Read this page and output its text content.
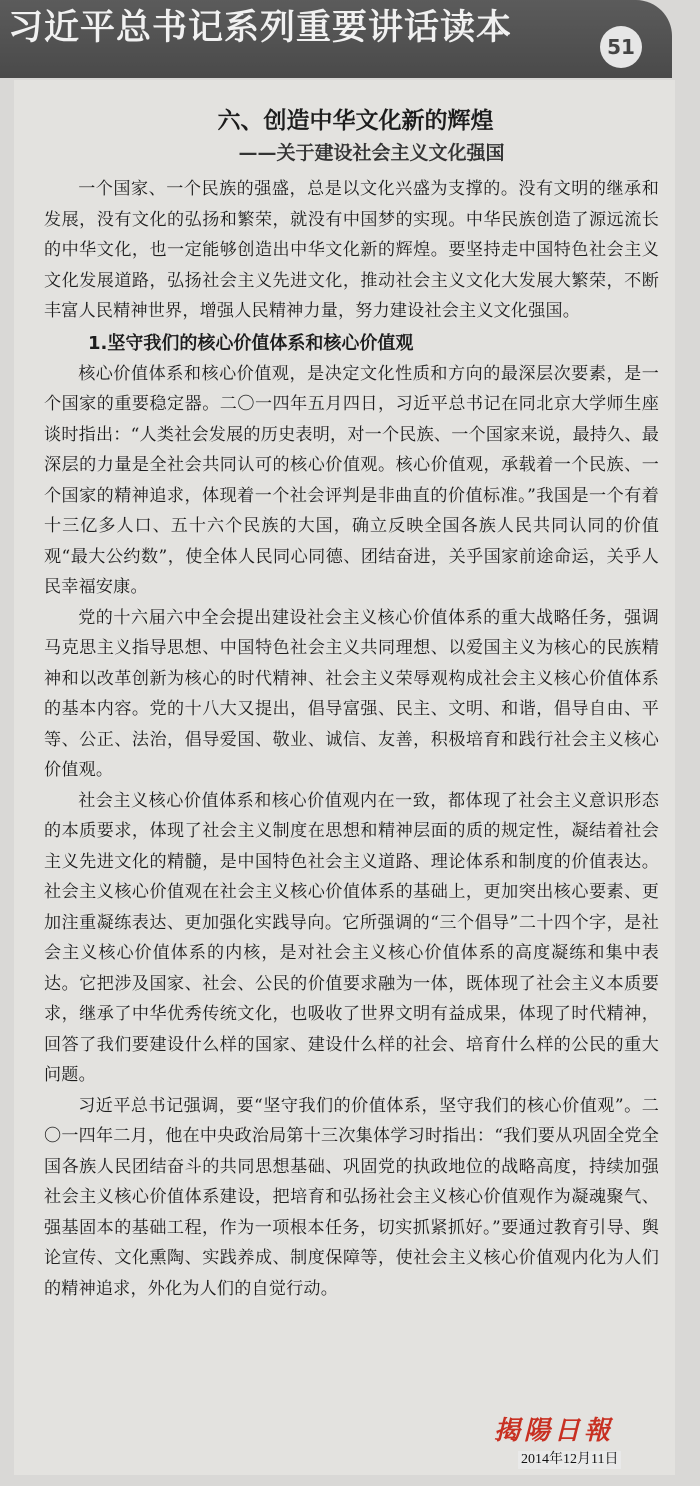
习近平总书记系列重要讲话读本	51
六、创造中华文化新的辉煌
——关于建设社会主义文化强国

一个国家、一个民族的强盛，总是以文化兴盛为支撑的。没有文明的继承和发展，没有文化的弘扬和繁荣，就没有中国梦的实现。中华民族创造了源远流长的中华文化，也一定能够创造出中华文化新的辉煌。要坚持走中国特色社会主义文化发展道路，弘扬社会主义先进文化，推动社会主义文化大发展大繁荣，不断丰富人民精神世界，增强人民精神力量，努力建设社会主义文化强国。

1.坚守我们的核心价值体系和核心价值观

核心价值体系和核心价值观，是决定文化性质和方向的最深层次要素，是一个国家的重要稳定器。二〇一四年五月四日，习近平总书记在同北京大学师生座谈时指出：“人类社会发展的历史表明，对一个民族、一个国家来说，最持久、最深层的力量是全社会共同认可的核心价值观。核心价值观，承载着一个民族、一个国家的精神追求，体现着一个社会评判是非曲直的价值标准。”我国是一个有着十三亿多人口、五十六个民族的大国，确立反映全国各族人民共同认同的价值观“最大公约数”，使全体人民同心同德、团结奋进，关乎国家前途命运，关乎人民幸福安康。

党的十六届六中全会提出建设社会主义核心价值体系的重大战略任务，强调马克思主义指导思想、中国特色社会主义共同理想、以爱国主义为核心的民族精神和以改革创新为核心的时代精神、社会主义荣辱观构成社会主义核心价值体系的基本内容。党的十八大又提出，倡导富强、民主、文明、和谐，倡导自由、平等、公正、法治，倡导爱国、敬业、诚信、友善，积极培育和践行社会主义核心价值观。

社会主义核心价值体系和核心价值观内在一致，都体现了社会主义意识形态的本质要求，体现了社会主义制度在思想和精神层面的质的规定性，凝结着社会主义先进文化的精髓，是中国特色社会主义道路、理论体系和制度的价值表达。社会主义核心价值观在社会主义核心价值体系的基础上，更加突出核心要素、更加注重凝练表达、更加强化实践导向。它所强调的“三个倡导”二十四个字，是社会主义核心价值体系的内核，是对社会主义核心价值体系的高度凝练和集中表达。它把涉及国家、社会、公民的价值要求融为一体，既体现了社会主义本质要求，继承了中华优秀传统文化，也吸收了世界文明有益成果，体现了时代精神，回答了我们要建设什么样的国家、建设什么样的社会、培育什么样的公民的重大问题。

习近平总书记强调，要“坚守我们的价值体系，坚守我们的核心价值观”。二〇一四年二月，他在中央政治局第十三次集体学习时指出：“我们要从巩固全党全国各族人民团结奋斗的共同思想基础、巩固党的执政地位的战略高度，持续加强社会主义核心价值体系建设，把培育和弘扬社会主义核心价值观作为凝魂聚气、强基固本的基础工程，作为一项根本任务，切实抓紧抓好。”要通过教育引导、舆论宣传、文化熏陶、实践养成、制度保障等，使社会主义核心价值观内化为人们的精神追求，外化为人们的自觉行动。

揭陽日報
2014年12月11日
